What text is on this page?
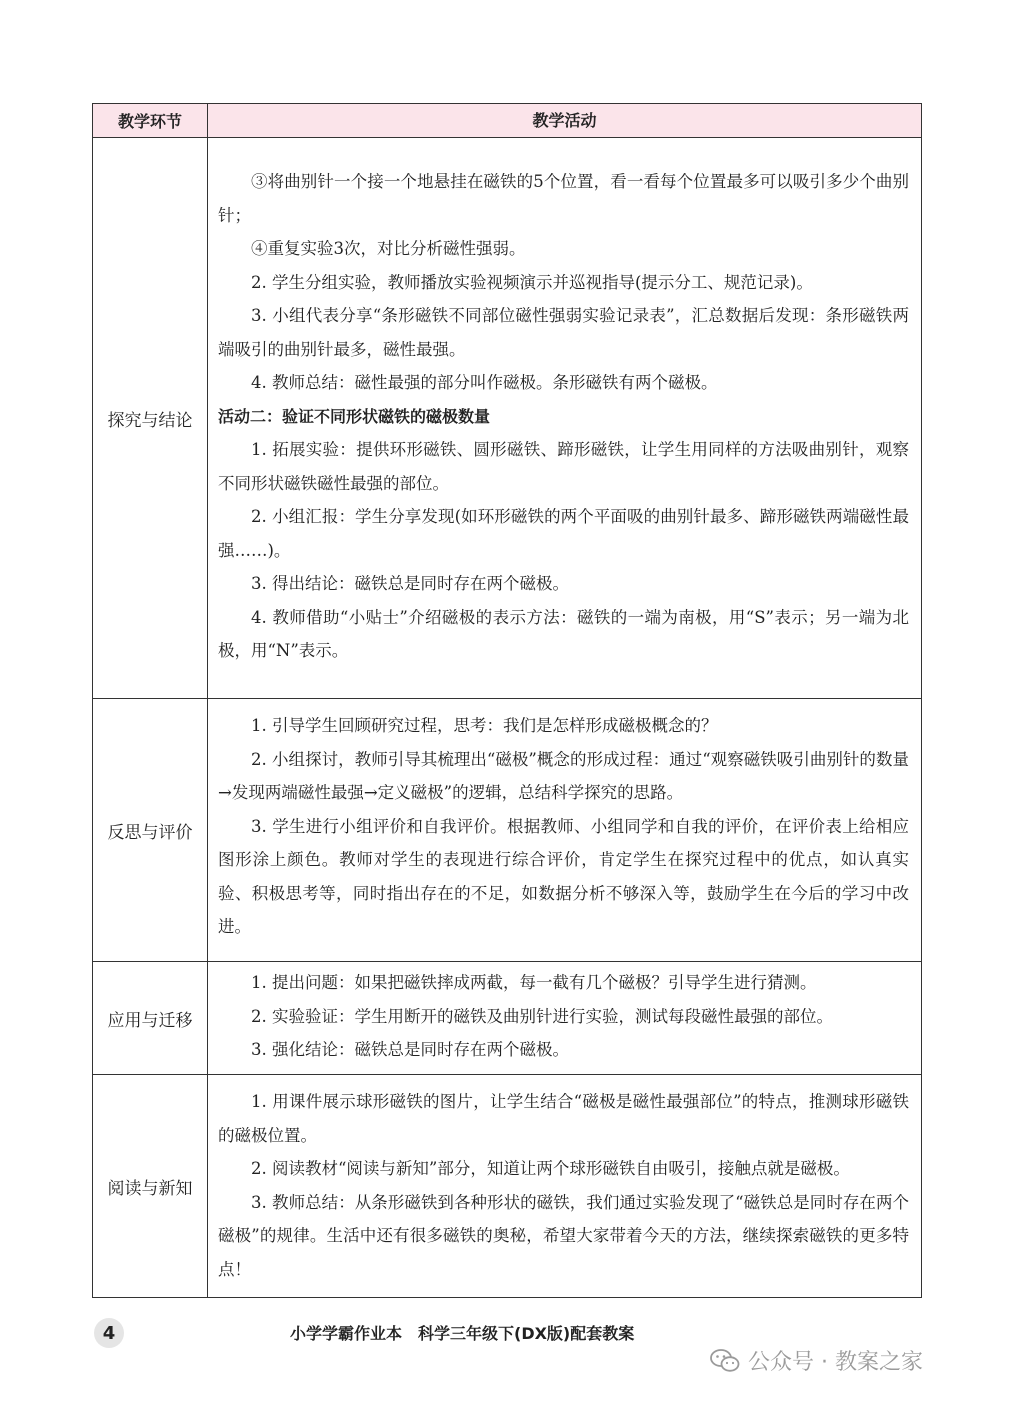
教学环节	教学活动
探究与结论

③将曲别针一个接一个地悬挂在磁铁的5个位置，看一看每个位置最多可以吸引多少个曲别针；

④重复实验3次，对比分析磁性强弱。

2. 学生分组实验，教师播放实验视频演示并巡视指导(提示分工、规范记录)。

3. 小组代表分享“条形磁铁不同部位磁性强弱实验记录表”，汇总数据后发现：条形磁铁两端吸引的曲别针最多，磁性最强。

4. 教师总结：磁性最强的部分叫作磁极。条形磁铁有两个磁极。

活动二：验证不同形状磁铁的磁极数量

1. 拓展实验：提供环形磁铁、圆形磁铁、蹄形磁铁，让学生用同样的方法吸曲别针，观察不同形状磁铁磁性最强的部位。

2. 小组汇报：学生分享发现(如环形磁铁的两个平面吸的曲别针最多、蹄形磁铁两端磁性最强……)。

3. 得出结论：磁铁总是同时存在两个磁极。

4. 教师借助“小贴士”介绍磁极的表示方法：磁铁的一端为南极，用“S”表示；另一端为北极，用“N”表示。

反思与评价

1. 引导学生回顾研究过程，思考：我们是怎样形成磁极概念的？

2. 小组探讨，教师引导其梳理出“磁极”概念的形成过程：通过“观察磁铁吸引曲别针的数量→发现两端磁性最强→定义磁极”的逻辑，总结科学探究的思路。

3. 学生进行小组评价和自我评价。根据教师、小组同学和自我的评价，在评价表上给相应图形涂上颜色。教师对学生的表现进行综合评价，肯定学生在探究过程中的优点，如认真实验、积极思考等，同时指出存在的不足，如数据分析不够深入等，鼓励学生在今后的学习中改进。

应用与迁移

1. 提出问题：如果把磁铁摔成两截，每一截有几个磁极？引导学生进行猜测。

2. 实验验证：学生用断开的磁铁及曲别针进行实验，测试每段磁性最强的部位。

3. 强化结论：磁铁总是同时存在两个磁极。

阅读与新知

1. 用课件展示球形磁铁的图片，让学生结合“磁极是磁性最强部位”的特点，推测球形磁铁的磁极位置。

2. 阅读教材“阅读与新知”部分，知道让两个球形磁铁自由吸引，接触点就是磁极。

3. 教师总结：从条形磁铁到各种形状的磁铁，我们通过实验发现了“磁铁总是同时存在两个磁极”的规律。生活中还有很多磁铁的奥秘，希望大家带着今天的方法，继续探索磁铁的更多特点！

4	小学学霸作业本　科学三年级下(DX版)配套教案
公众号 · 教案之家
